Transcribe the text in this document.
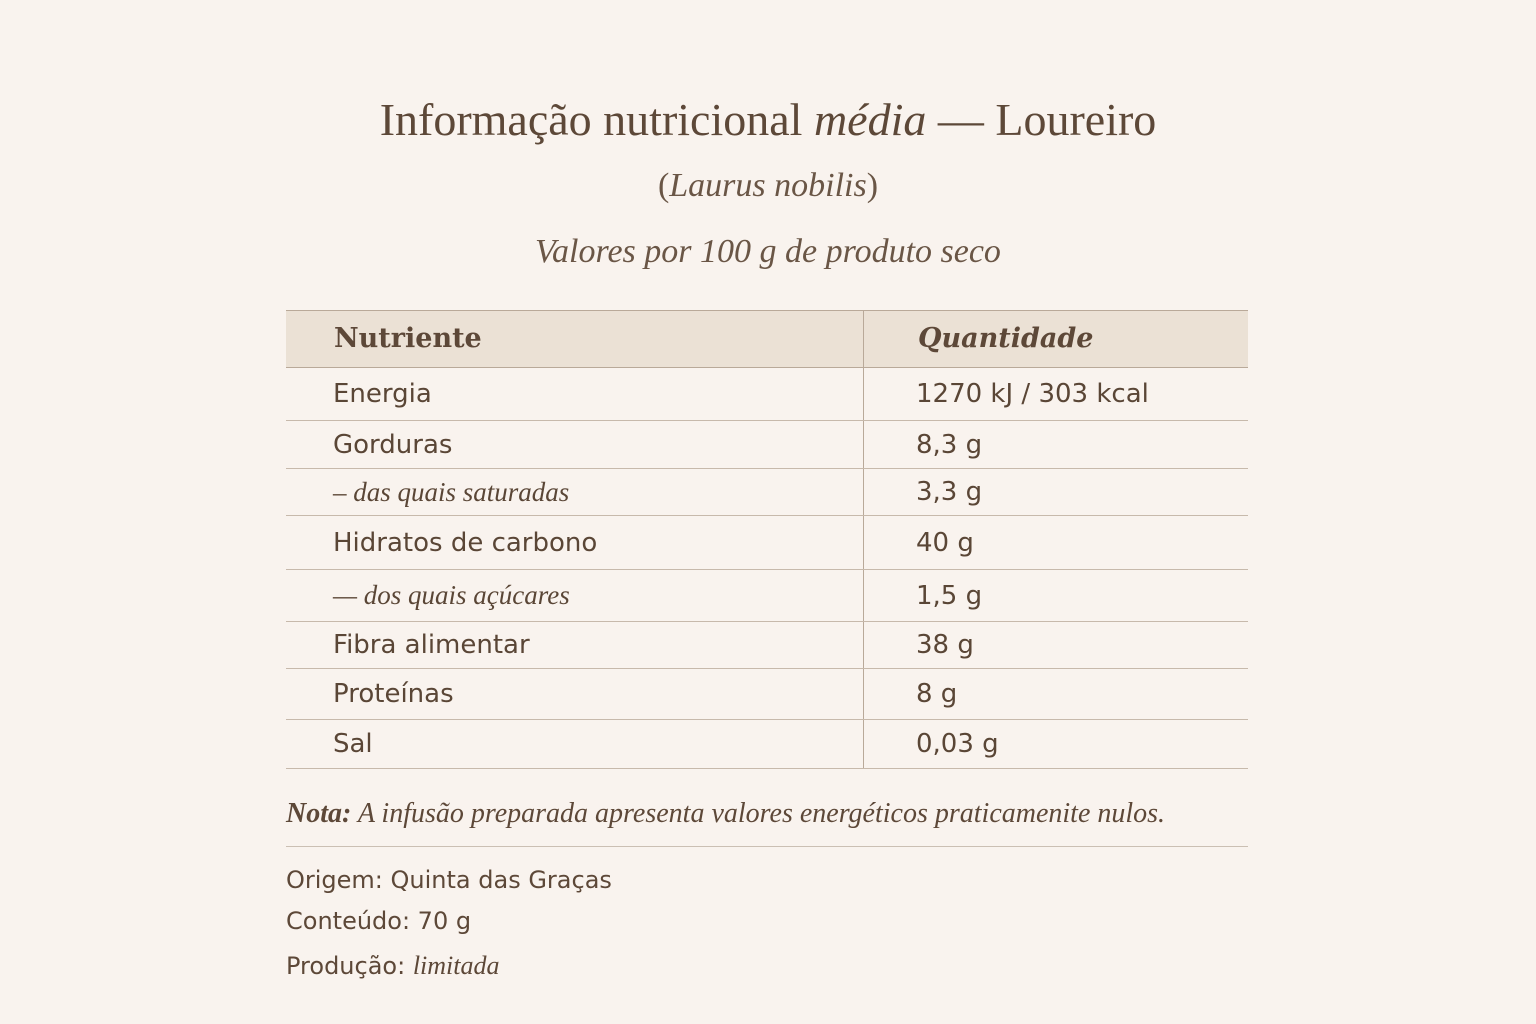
Informação nutricional média — Loureiro
(Laurus nobilis)
Valores por 100 g de produto seco
Nutriente	Quantidade
Energia	1270 kJ / 303 kcal
Gorduras	8,3 g
– das quais saturadas	3,3 g
Hidratos de carbono	40 g
— dos quais açúcares	1,5 g
Fibra alimentar	38 g
Proteínas	8 g
Sal	0,03 g
Nota: A infusão preparada apresenta valores energéticos praticamenite nulos.
Origem: Quinta das Graças
Conteúdo: 70 g
Produção: limitada
